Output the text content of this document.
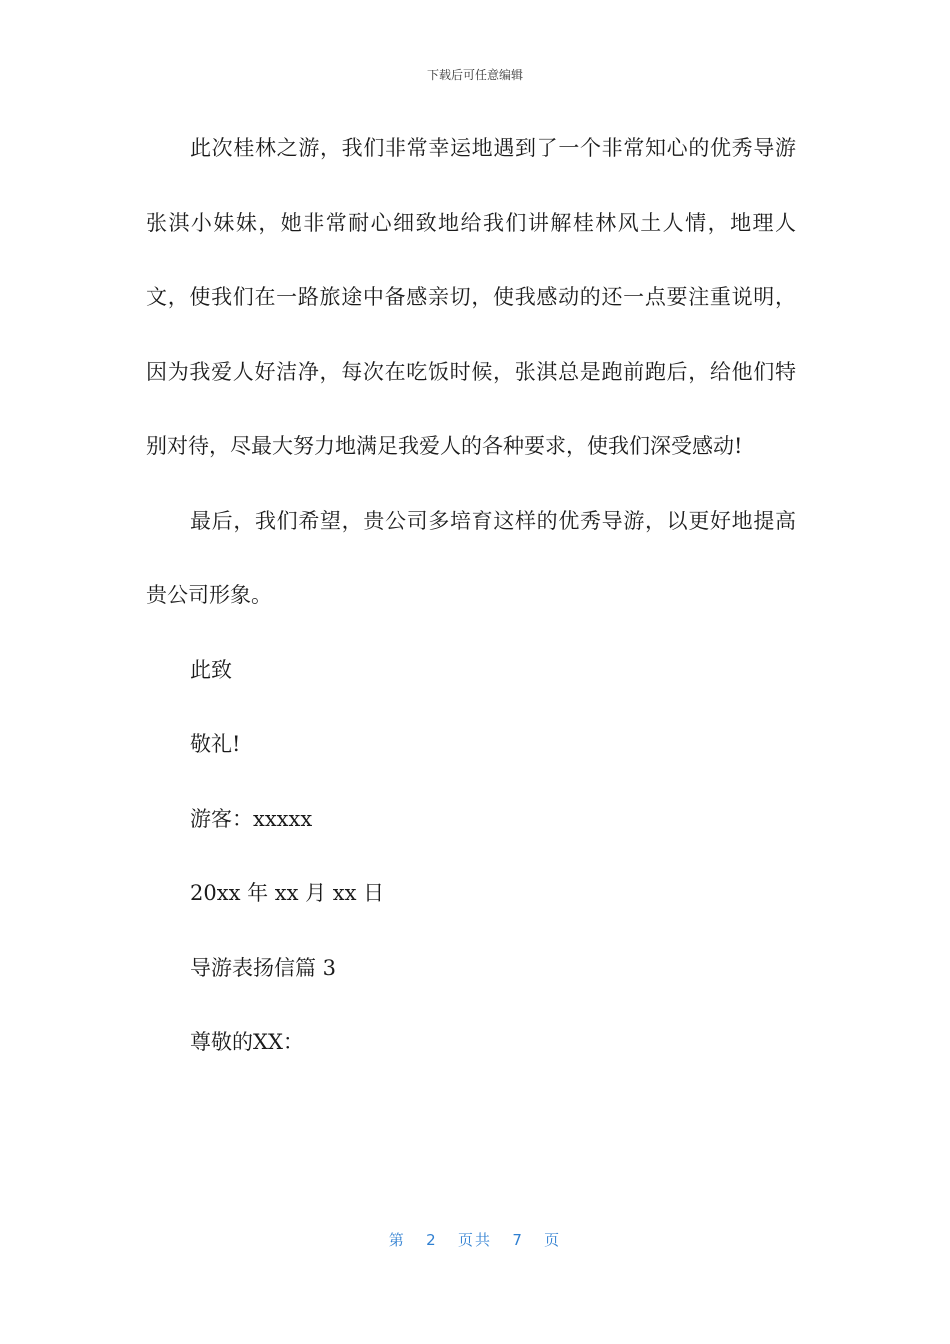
下载后可任意编辑

此次桂林之游，我们非常幸运地遇到了一个非常知心的优秀导游张淇小妹妹，她非常耐心细致地给我们讲解桂林风土人情，地理人文，使我们在一路旅途中备感亲切，使我感动的还一点要注重说明，因为我爱人好洁净，每次在吃饭时候，张淇总是跑前跑后，给他们特别对待，尽最大努力地满足我爱人的各种要求，使我们深受感动!

最后，我们希望，贵公司多培育这样的优秀导游，以更好地提高贵公司形象。

此致

敬礼!

游客：xxxxx

20xx 年 xx 月 xx 日

导游表扬信篇 3

尊敬的XX：

第 2 页共 7 页
